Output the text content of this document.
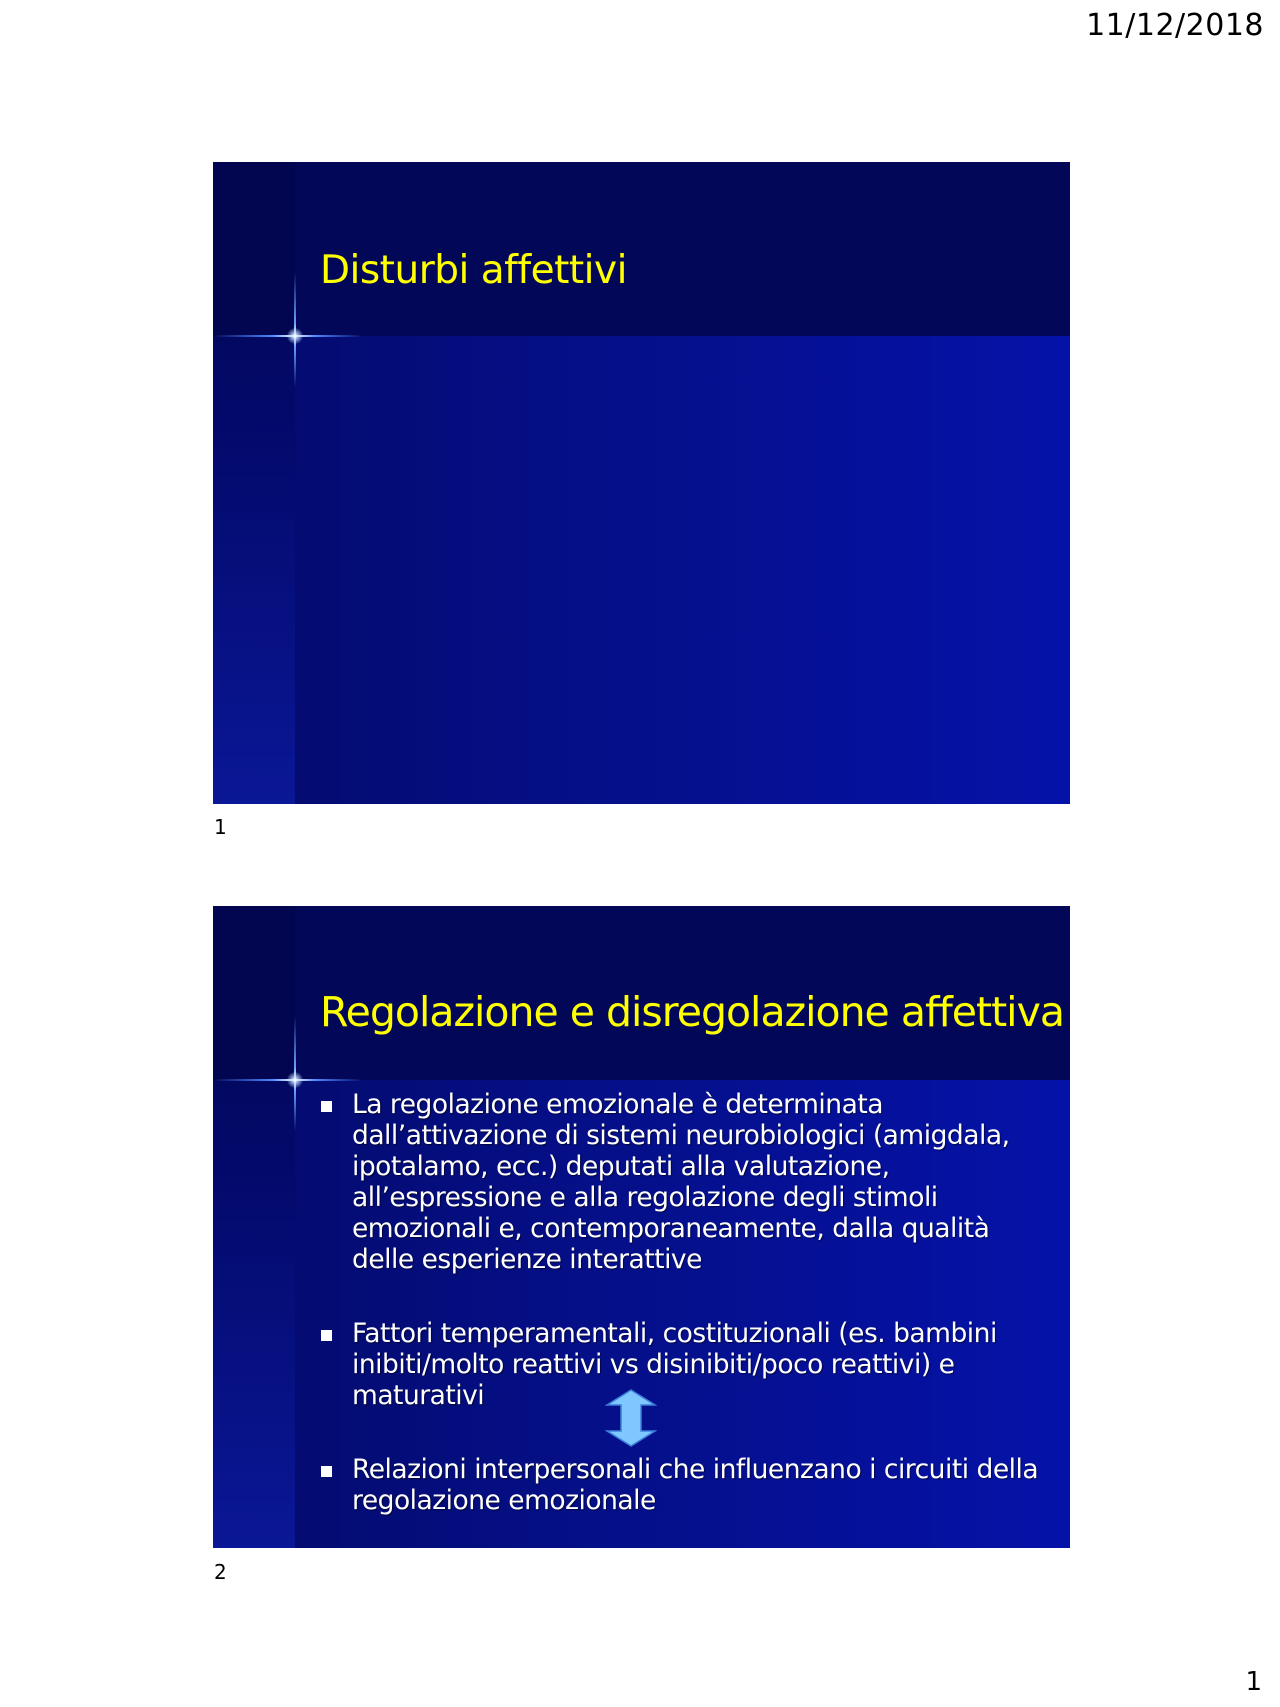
11/12/2018
Disturbi affettivi
1
Regolazione e disregolazione affettiva
La regolazione emozionale è determinata dall’attivazione di sistemi neurobiologici (amigdala, ipotalamo, ecc.) deputati alla valutazione, all’espressione e alla regolazione degli stimoli emozionali e, contemporaneamente, dalla qualità delle esperienze interattive
Fattori temperamentali, costituzionali (es. bambini inibiti/molto reattivi vs disinibiti/poco reattivi) e maturativi
Relazioni interpersonali che influenzano i circuiti della regolazione emozionale
2
1
